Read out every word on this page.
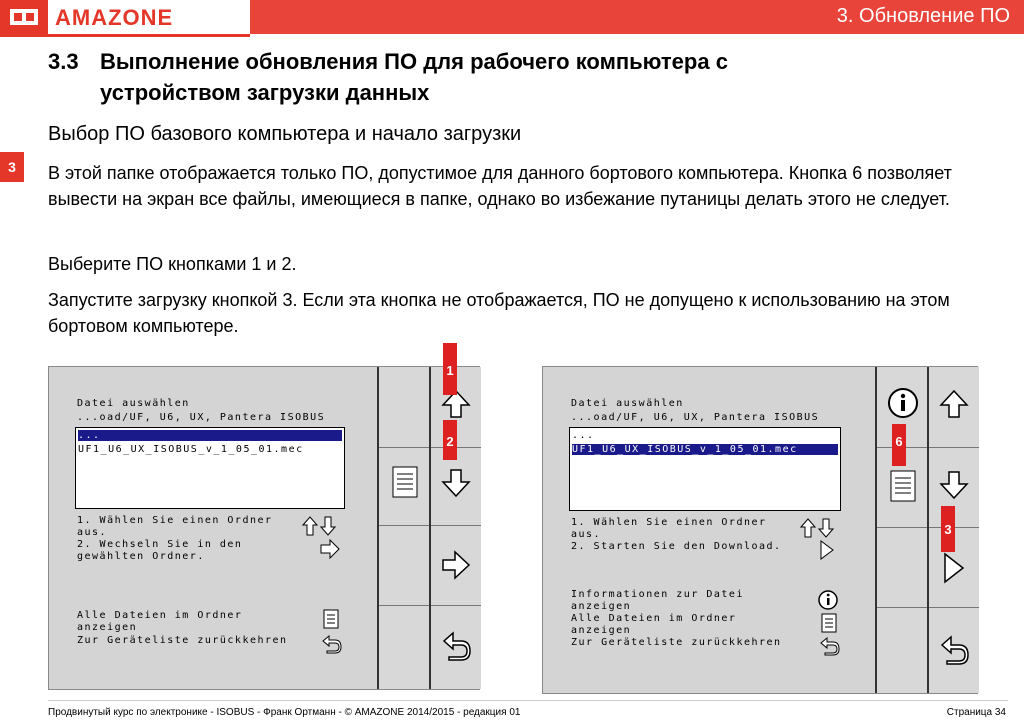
AMAZONE	3. Обновление ПО
3
3.3 Выполнение обновления ПО для рабочего компьютера с
устройством загрузки данных
Выбор ПО базового компьютера и начало загрузки
В этой папке отображается только ПО, допустимое для данного бортового компьютера. Кнопка 6 позволяет вывести на экран все файлы, имеющиеся в папке, однако во избежание путаницы делать этого не следует.
Выберите ПО кнопками 1 и 2.
Запустите загрузку кнопкой 3. Если эта кнопка не отображается, ПО не допущено к использованию на этом бортовом компьютере.
Datei auswählen
...oad/UF, U6, UX, Pantera ISOBUS
...
UF1_U6_UX_ISOBUS_v_1_05_01.mec
1. Wählen Sie einen Ordner
aus.
2. Wechseln Sie in den
gewählten Ordner.
Alle Dateien im Ordner
anzeigen
Zur Geräteliste zurückkehren
1
2
Datei auswählen
...oad/UF, U6, UX, Pantera ISOBUS
...
UF1_U6_UX_ISOBUS_v_1_05_01.mec
1. Wählen Sie einen Ordner
aus.
2. Starten Sie den Download.
Informationen zur Datei
anzeigen
Alle Dateien im Ordner
anzeigen
Zur Geräteliste zurückkehren
6
3
Продвинутый курс по электронике - ISOBUS - Франк Ортманн - © AMAZONE 2014/2015 - редакция 01	Страница 34
